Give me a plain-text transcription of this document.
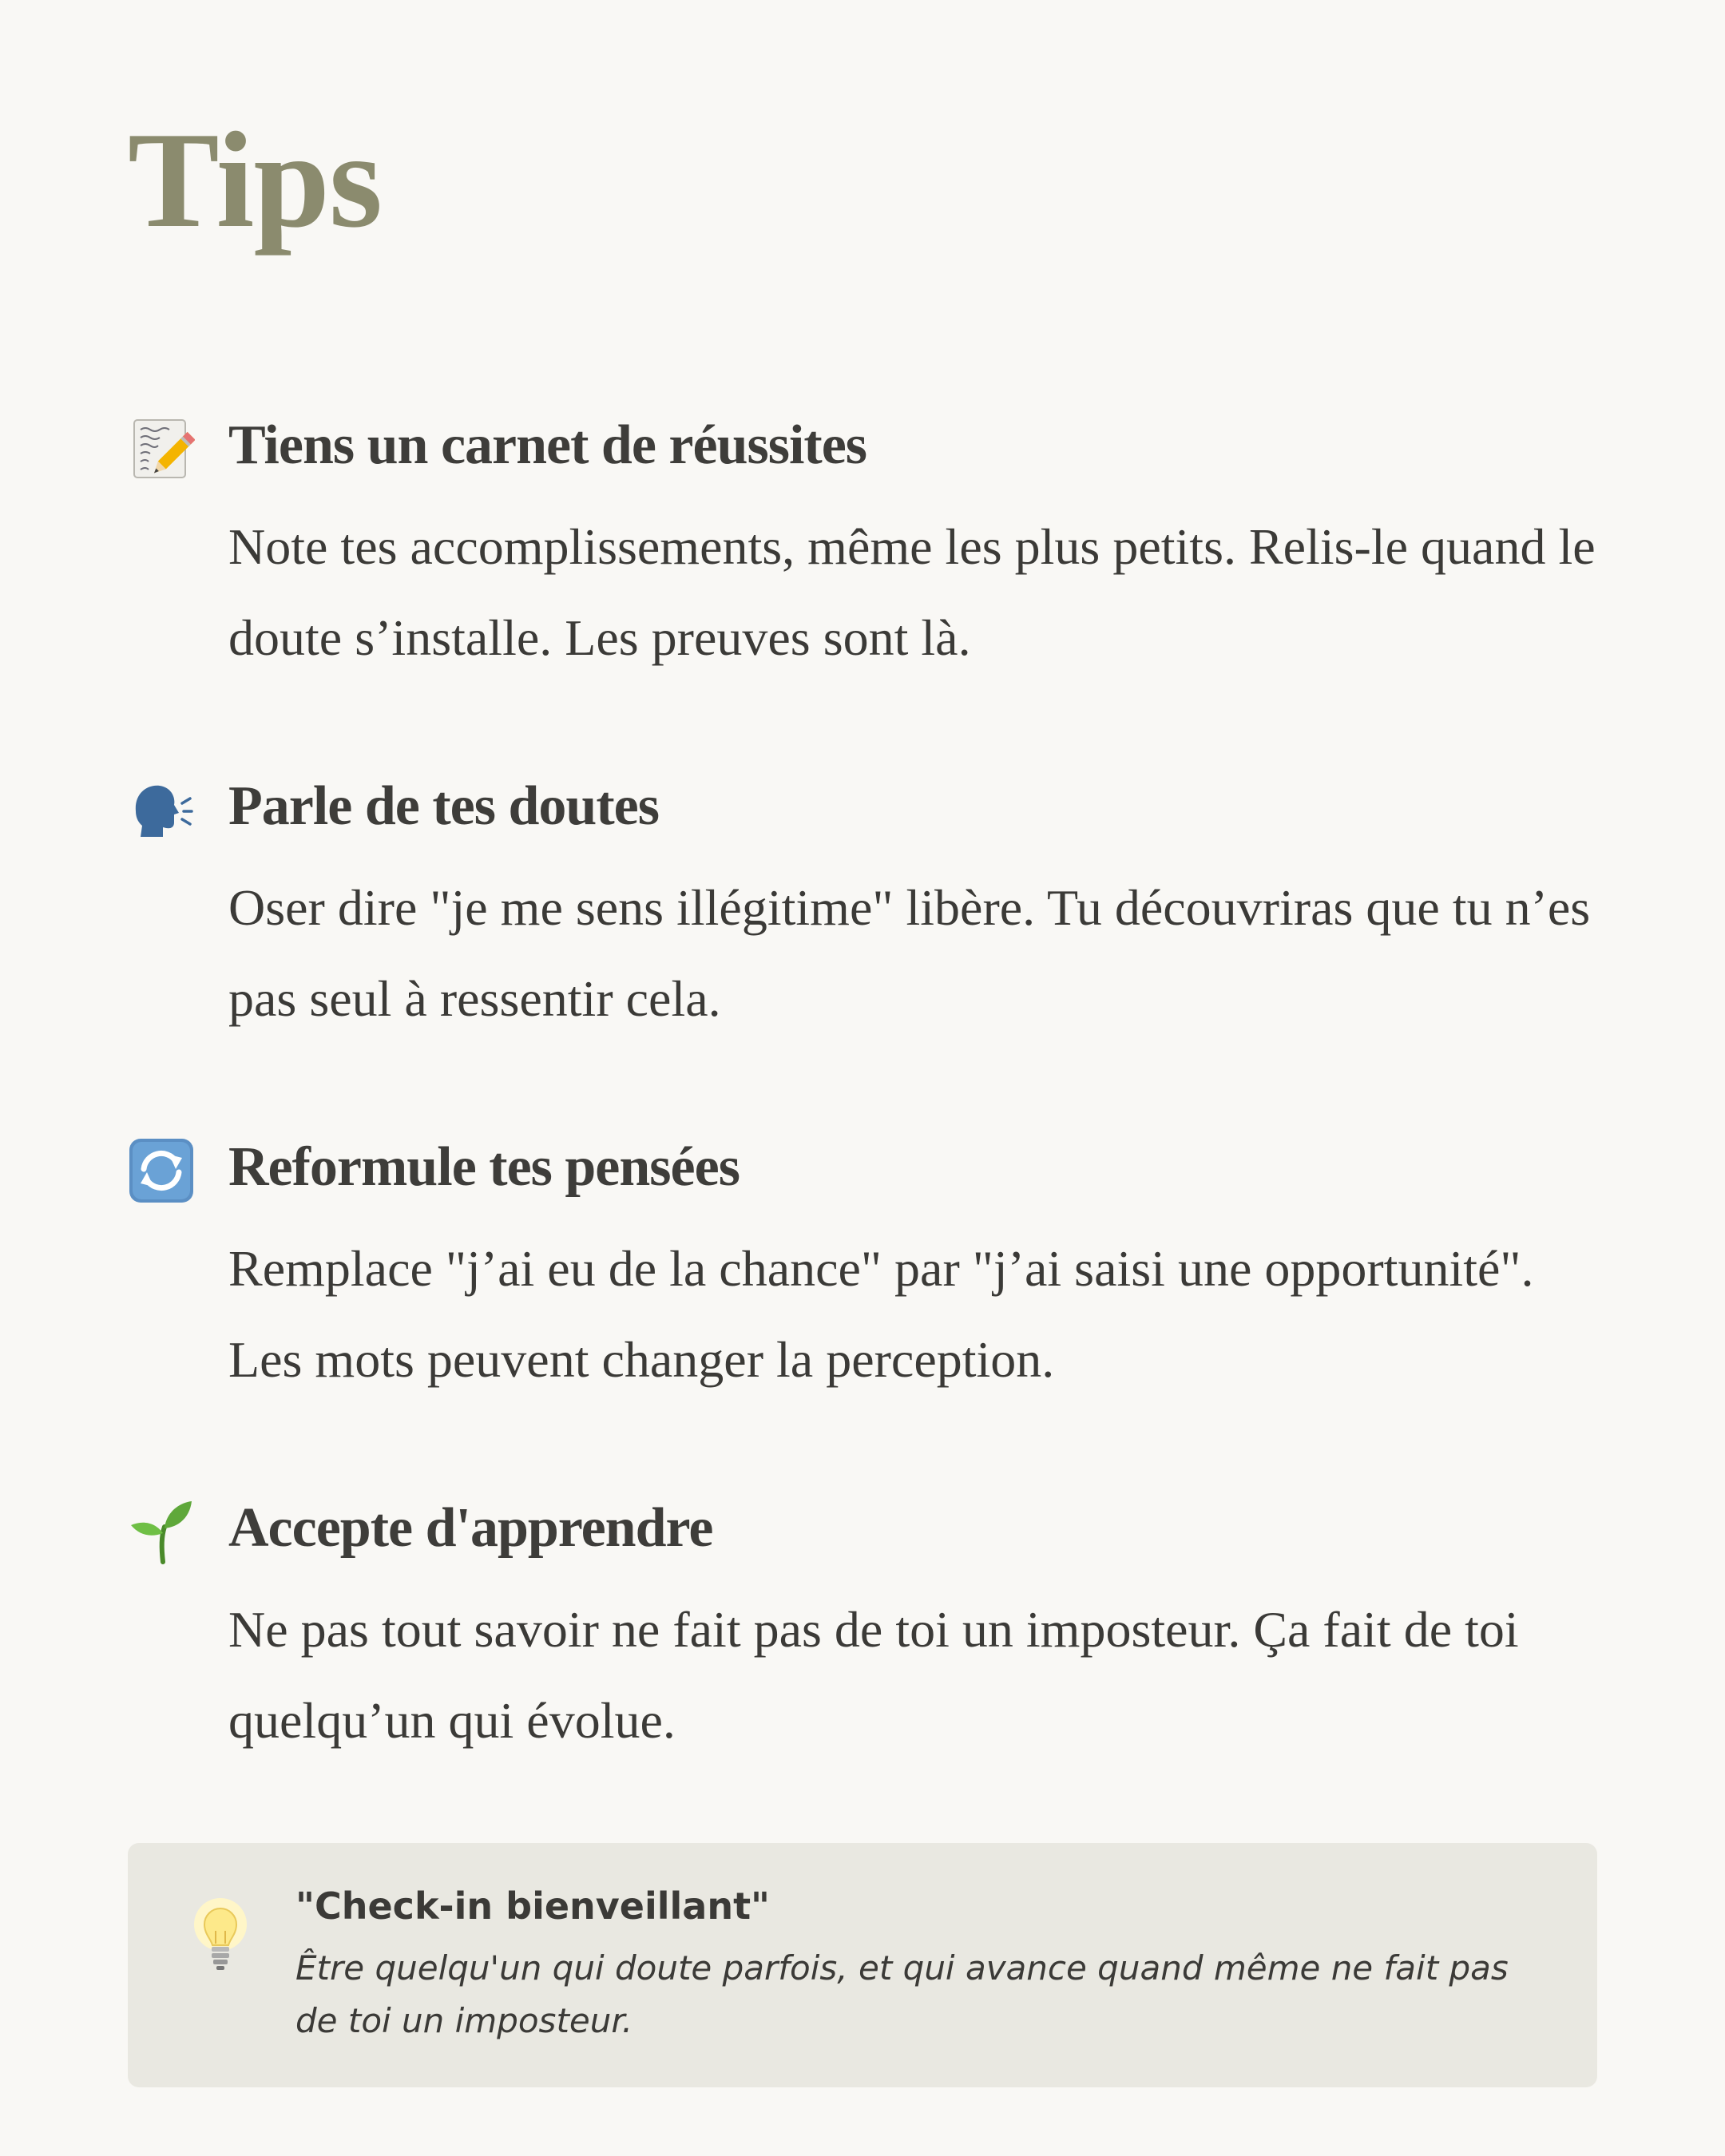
Tips
Tiens un carnet de réussites

Note tes accomplissements, même les plus petits. Relis-le quand le doute s’installe. Les preuves sont là.

Parle de tes doutes

Oser dire "je me sens illégitime" libère. Tu découvriras que tu n’es pas seul à ressentir cela.

Reformule tes pensées

Remplace "j’ai eu de la chance" par "j’ai saisi une opportunité". Les mots peuvent changer la perception.

Accepte d'apprendre

Ne pas tout savoir ne fait pas de toi un imposteur. Ça fait de toi quelqu’un qui évolue.

"Check-in bienveillant"

Être quelqu'un qui doute parfois, et qui avance quand même ne fait pas de toi un imposteur.
